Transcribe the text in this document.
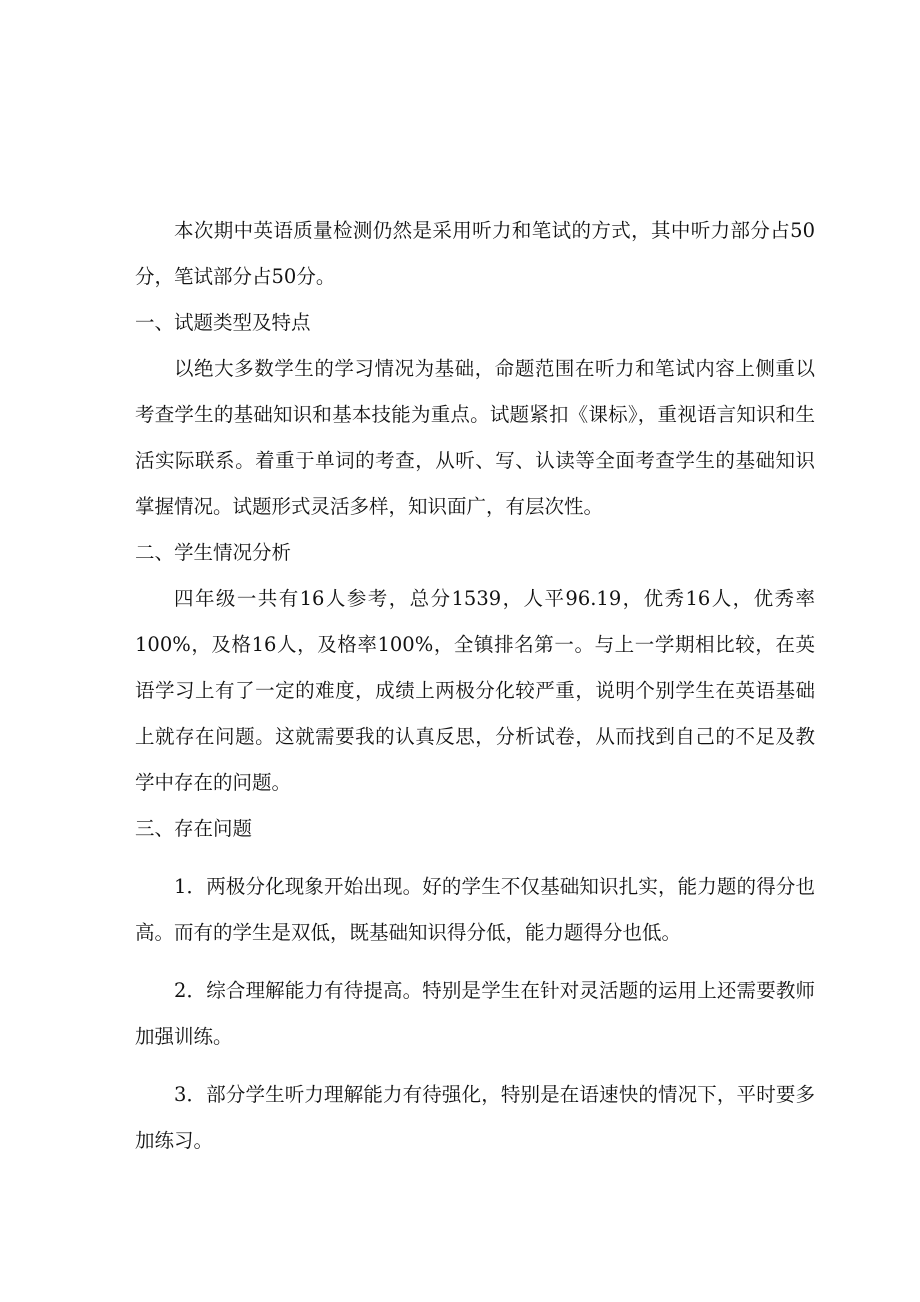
本次期中英语质量检测仍然是采用听力和笔试的方式，其中听力部分占50分，笔试部分占50分。

一、试题类型及特点

以绝大多数学生的学习情况为基础，命题范围在听力和笔试内容上侧重以考查学生的基础知识和基本技能为重点。试题紧扣《课标》，重视语言知识和生活实际联系。着重于单词的考查，从听、写、认读等全面考查学生的基础知识掌握情况。试题形式灵活多样，知识面广，有层次性。

二、学生情况分析

四年级一共有16人参考，总分1539，人平96.19，优秀16人，优秀率100%，及格16人，及格率100%，全镇排名第一。与上一学期相比较，在英语学习上有了一定的难度，成绩上两极分化较严重，说明个别学生在英语基础上就存在问题。这就需要我的认真反思，分析试卷，从而找到自己的不足及教学中存在的问题。

三、存在问题

1．两极分化现象开始出现。好的学生不仅基础知识扎实，能力题的得分也高。而有的学生是双低，既基础知识得分低，能力题得分也低。

2．综合理解能力有待提高。特别是学生在针对灵活题的运用上还需要教师加强训练。

3．部分学生听力理解能力有待强化，特别是在语速快的情况下，平时要多加练习。
